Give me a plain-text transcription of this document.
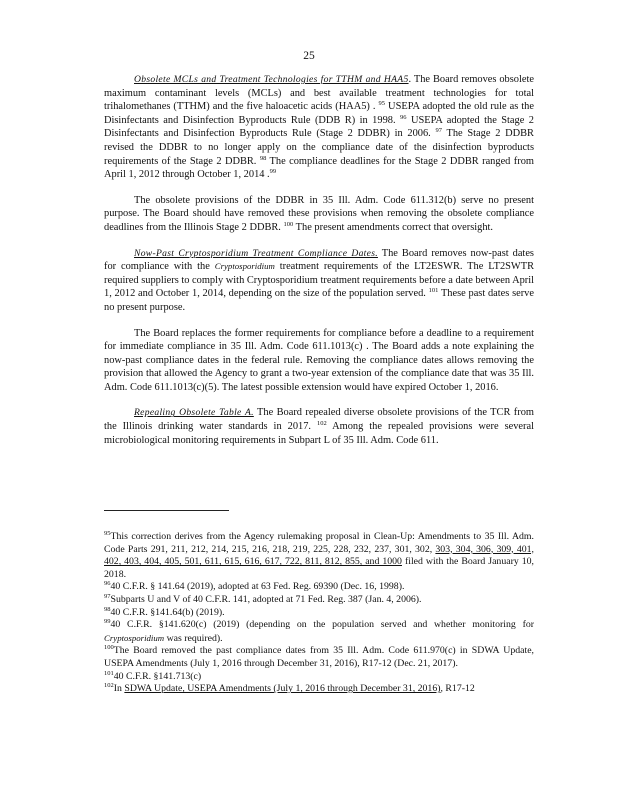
25

Obsolete MCLs and Treatment Technologies for TTHM and HAA5. The Board removes obsolete maximum contaminant levels (MCLs) and best available treatment technologies for total trihalomethanes (TTHM) and the five haloacetic acids (HAA5) . $^{95}$ USEPA adopted the old rule as the Disinfectants and Disinfection Byproducts Rule (DDB R) in 1998. $^{96}$ USEPA adopted the Stage 2 Disinfectants and Disinfection Byproducts Rule (Stage 2 DDBR) in 2006. $^{97}$ The Stage 2 DDBR revised the DDBR to no longer apply on the compliance date of the disinfection byproducts requirements of the Stage 2 DDBR. $^{98}$ The compliance deadlines for the Stage 2 DDBR ranged from April 1, 2012 through October 1, 2014 .$^{99}$

The obsolete provisions of the DDBR in 35 Ill. Adm. Code 611.312(b) serve no present purpose. The Board should have removed these provisions when removing the obsolete compliance deadlines from the Illinois Stage 2 DDBR. $^{100}$ The present amendments correct that oversight.

Now-Past Cryptosporidium Treatment Compliance Dates. The Board removes now-past dates for compliance with the Cryptosporidium treatment requirements of the LT2ESWR. The LT2SWTR required suppliers to comply with Cryptosporidium treatment requirements before a date between April 1, 2012 and October 1, 2014, depending on the size of the population served. $^{101}$ These past dates serve no present purpose.

The Board replaces the former requirements for compliance before a deadline to a requirement for immediate compliance in 35 Ill. Adm. Code 611.1013(c) . The Board adds a note explaining the now-past compliance dates in the federal rule. Removing the compliance dates allows removing the provision that allowed the Agency to grant a two-year extension of the compliance date that was 35 Ill. Adm. Code 611.1013(c)(5). The latest possible extension would have expired October 1, 2016.

Repealing Obsolete Table A. The Board repealed diverse obsolete provisions of the TCR from the Illinois drinking water standards in 2017. $^{102}$ Among the repealed provisions were several microbiological monitoring requirements in Subpart L of 35 Ill. Adm. Code 611.

$^{95}$This correction derives from the Agency rulemaking proposal in Clean-Up: Amendments to 35 Ill. Adm. Code Parts 291, 211, 212, 214, 215, 216, 218, 219, 225, 228, 232, 237, 301, 302, 303, 304, 306, 309, 401, 402, 403, 404, 405, 501, 611, 615, 616, 617, 722, 811, 812, 855, and 1000 filed with the Board January 10, 2018.

$^{96}$40 C.F.R. § 141.64 (2019), adopted at 63 Fed. Reg. 69390 (Dec. 16, 1998).

$^{97}$Subparts U and V of 40 C.F.R. 141, adopted at 71 Fed. Reg. 387 (Jan. 4, 2006).

$^{98}$40 C.F.R. §141.64(b) (2019).

$^{99}$40 C.F.R. §141.620(c) (2019) (depending on the population served and whether monitoring for Cryptosporidium was required).

$^{100}$The Board removed the past compliance dates from 35 Ill. Adm. Code 611.970(c) in SDWA Update, USEPA Amendments (July 1, 2016 through December 31, 2016), R17-12 (Dec. 21, 2017).

$^{101}$40 C.F.R. §141.713(c)

$^{102}$In SDWA Update, USEPA Amendments (July 1, 2016 through December 31, 2016), R17-12
